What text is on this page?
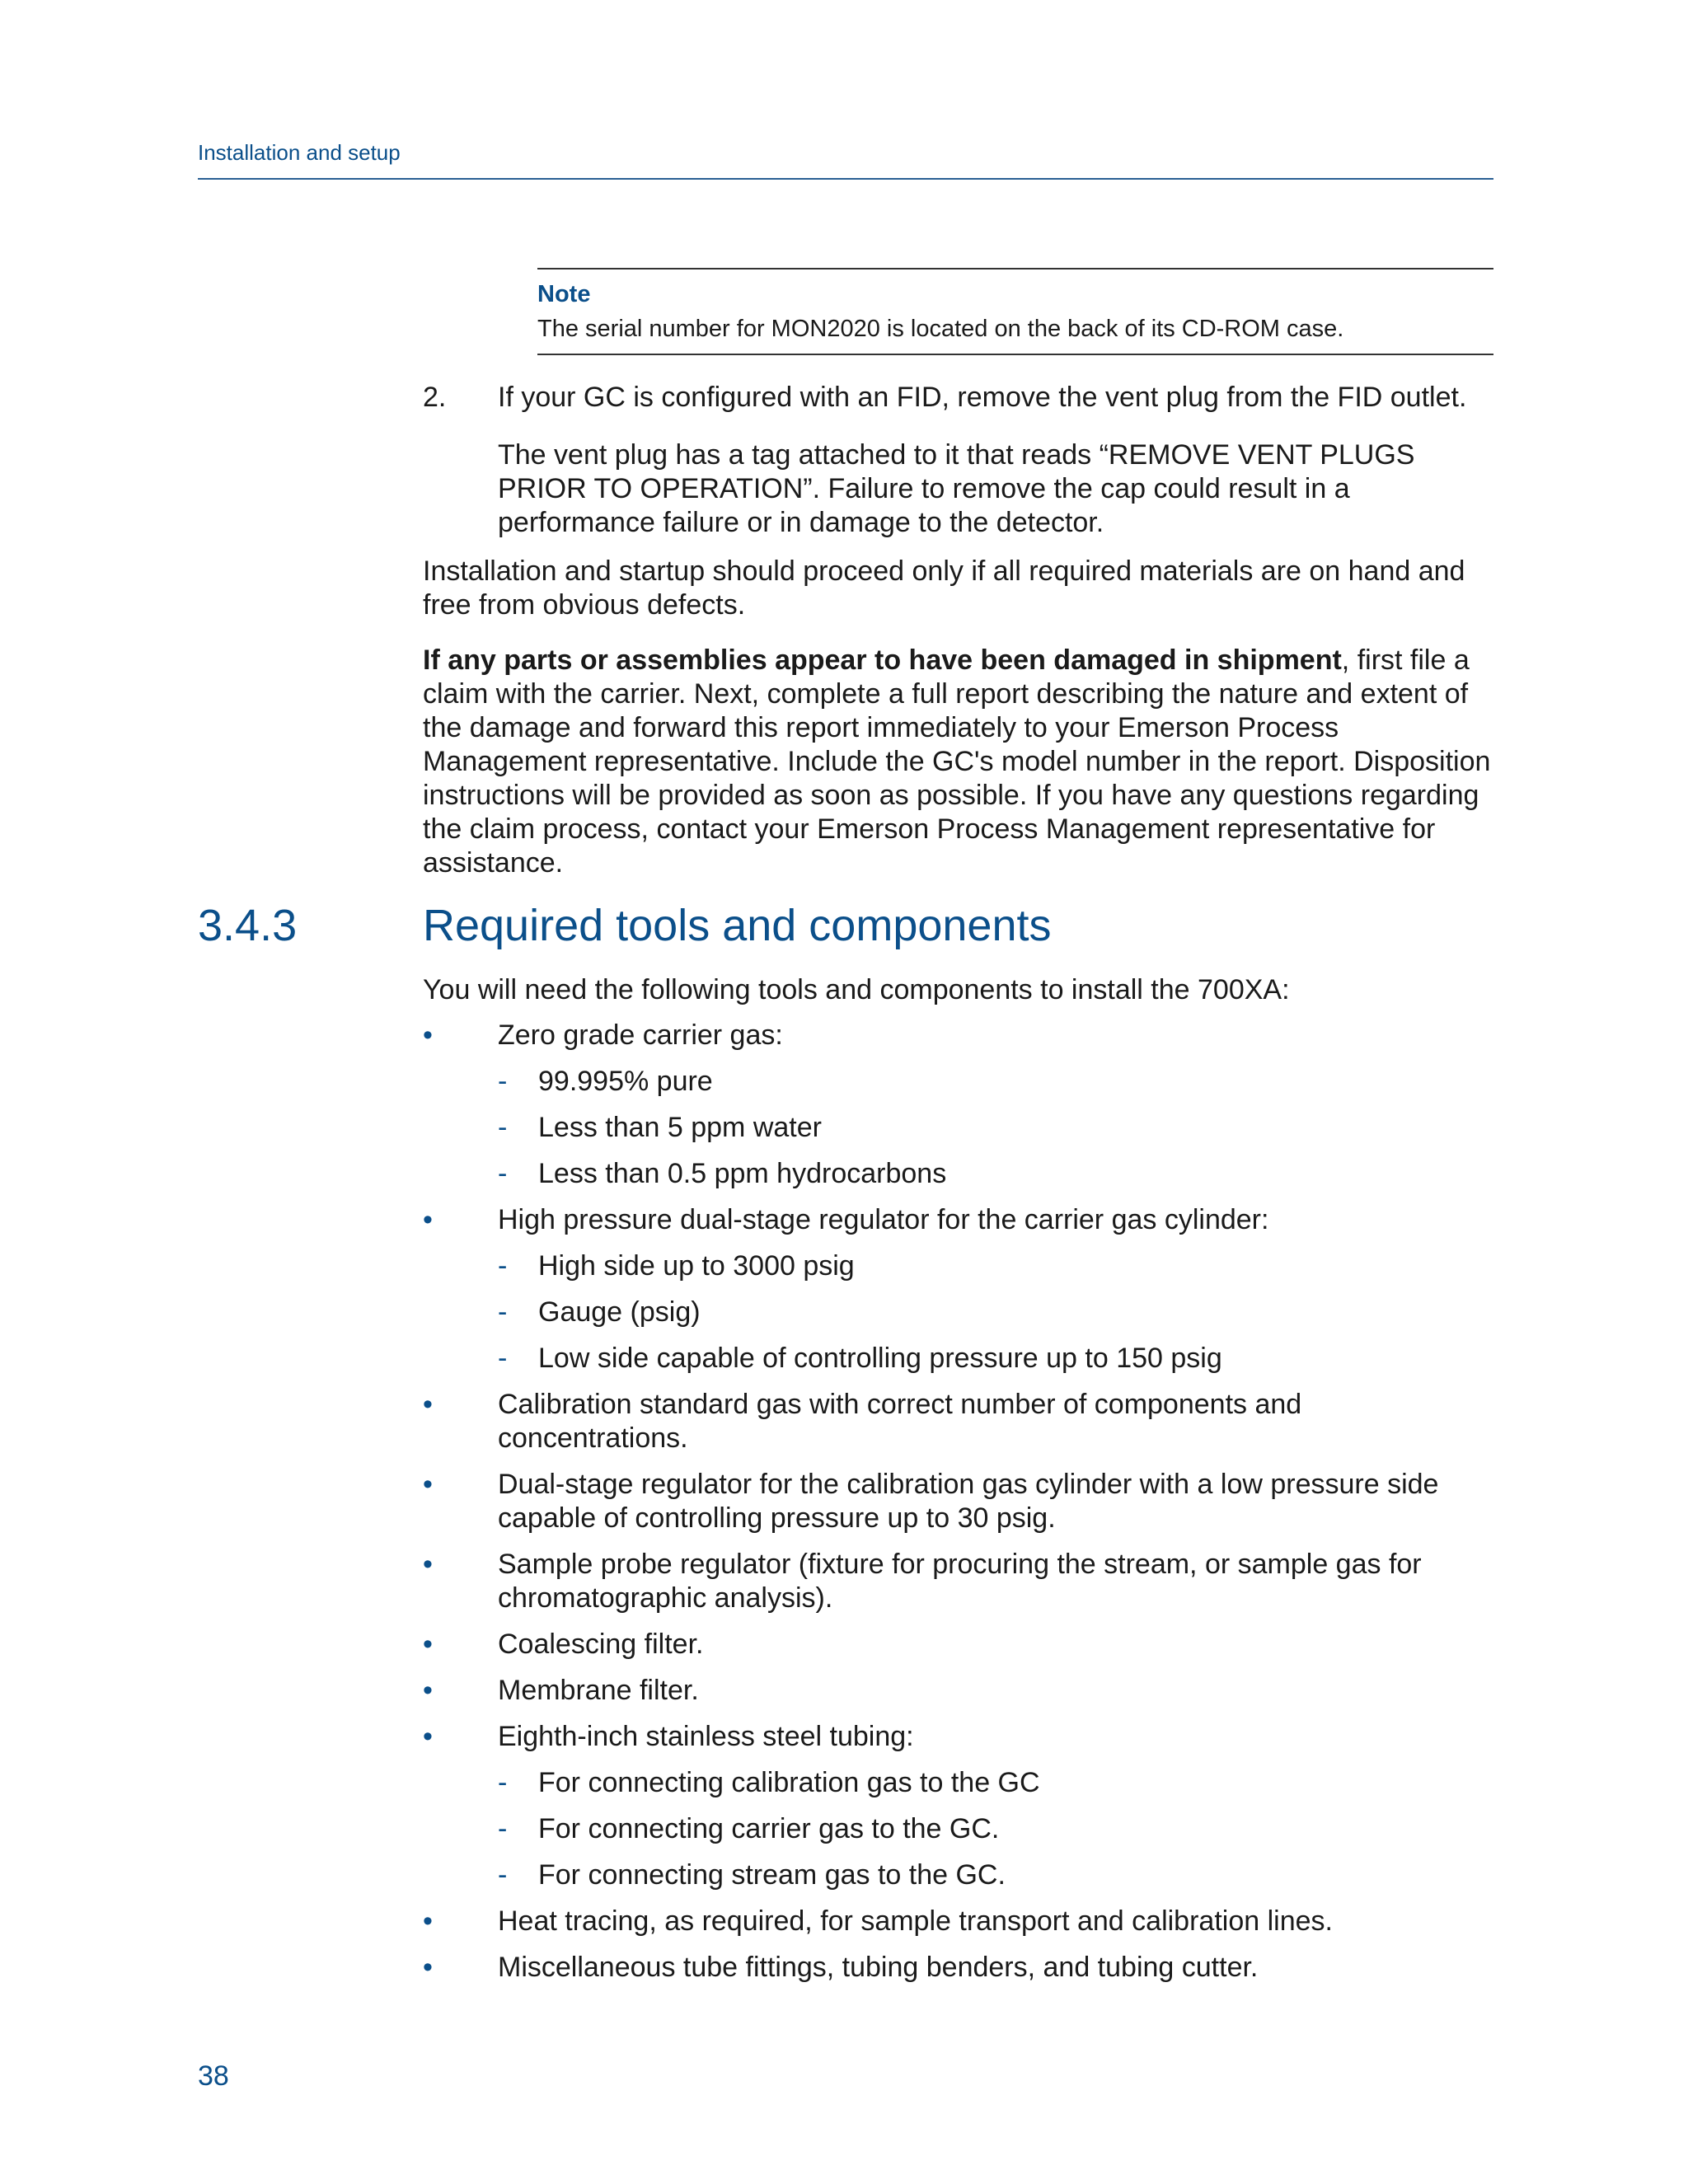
Installation and setup
Note
The serial number for MON2020 is located on the back of its CD-ROM case.
2. If your GC is configured with an FID, remove the vent plug from the FID outlet.

The vent plug has a tag attached to it that reads “REMOVE VENT PLUGS PRIOR TO OPERATION”. Failure to remove the cap could result in a performance failure or in damage to the detector.

Installation and startup should proceed only if all required materials are on hand and free from obvious defects.

If any parts or assemblies appear to have been damaged in shipment, first file a claim with the carrier. Next, complete a full report describing the nature and extent of the damage and forward this report immediately to your Emerson Process Management representative. Include the GC's model number in the report. Disposition instructions will be provided as soon as possible. If you have any questions regarding the claim process, contact your Emerson Process Management representative for assistance.

3.4.3	Required tools and components

You will need the following tools and components to install the 700XA:

•	Zero grade carrier gas:
- 99.995% pure
- Less than 5 ppm water
- Less than 0.5 ppm hydrocarbons
•	High pressure dual-stage regulator for the carrier gas cylinder:
- High side up to 3000 psig
- Gauge (psig)
- Low side capable of controlling pressure up to 150 psig
•	Calibration standard gas with correct number of components and concentrations.
•	Dual-stage regulator for the calibration gas cylinder with a low pressure side capable of controlling pressure up to 30 psig.
•	Sample probe regulator (fixture for procuring the stream, or sample gas for chromatographic analysis).
•	Coalescing filter.
•	Membrane filter.
•	Eighth-inch stainless steel tubing:
- For connecting calibration gas to the GC
- For connecting carrier gas to the GC.
- For connecting stream gas to the GC.
•	Heat tracing, as required, for sample transport and calibration lines.
•	Miscellaneous tube fittings, tubing benders, and tubing cutter.
38
